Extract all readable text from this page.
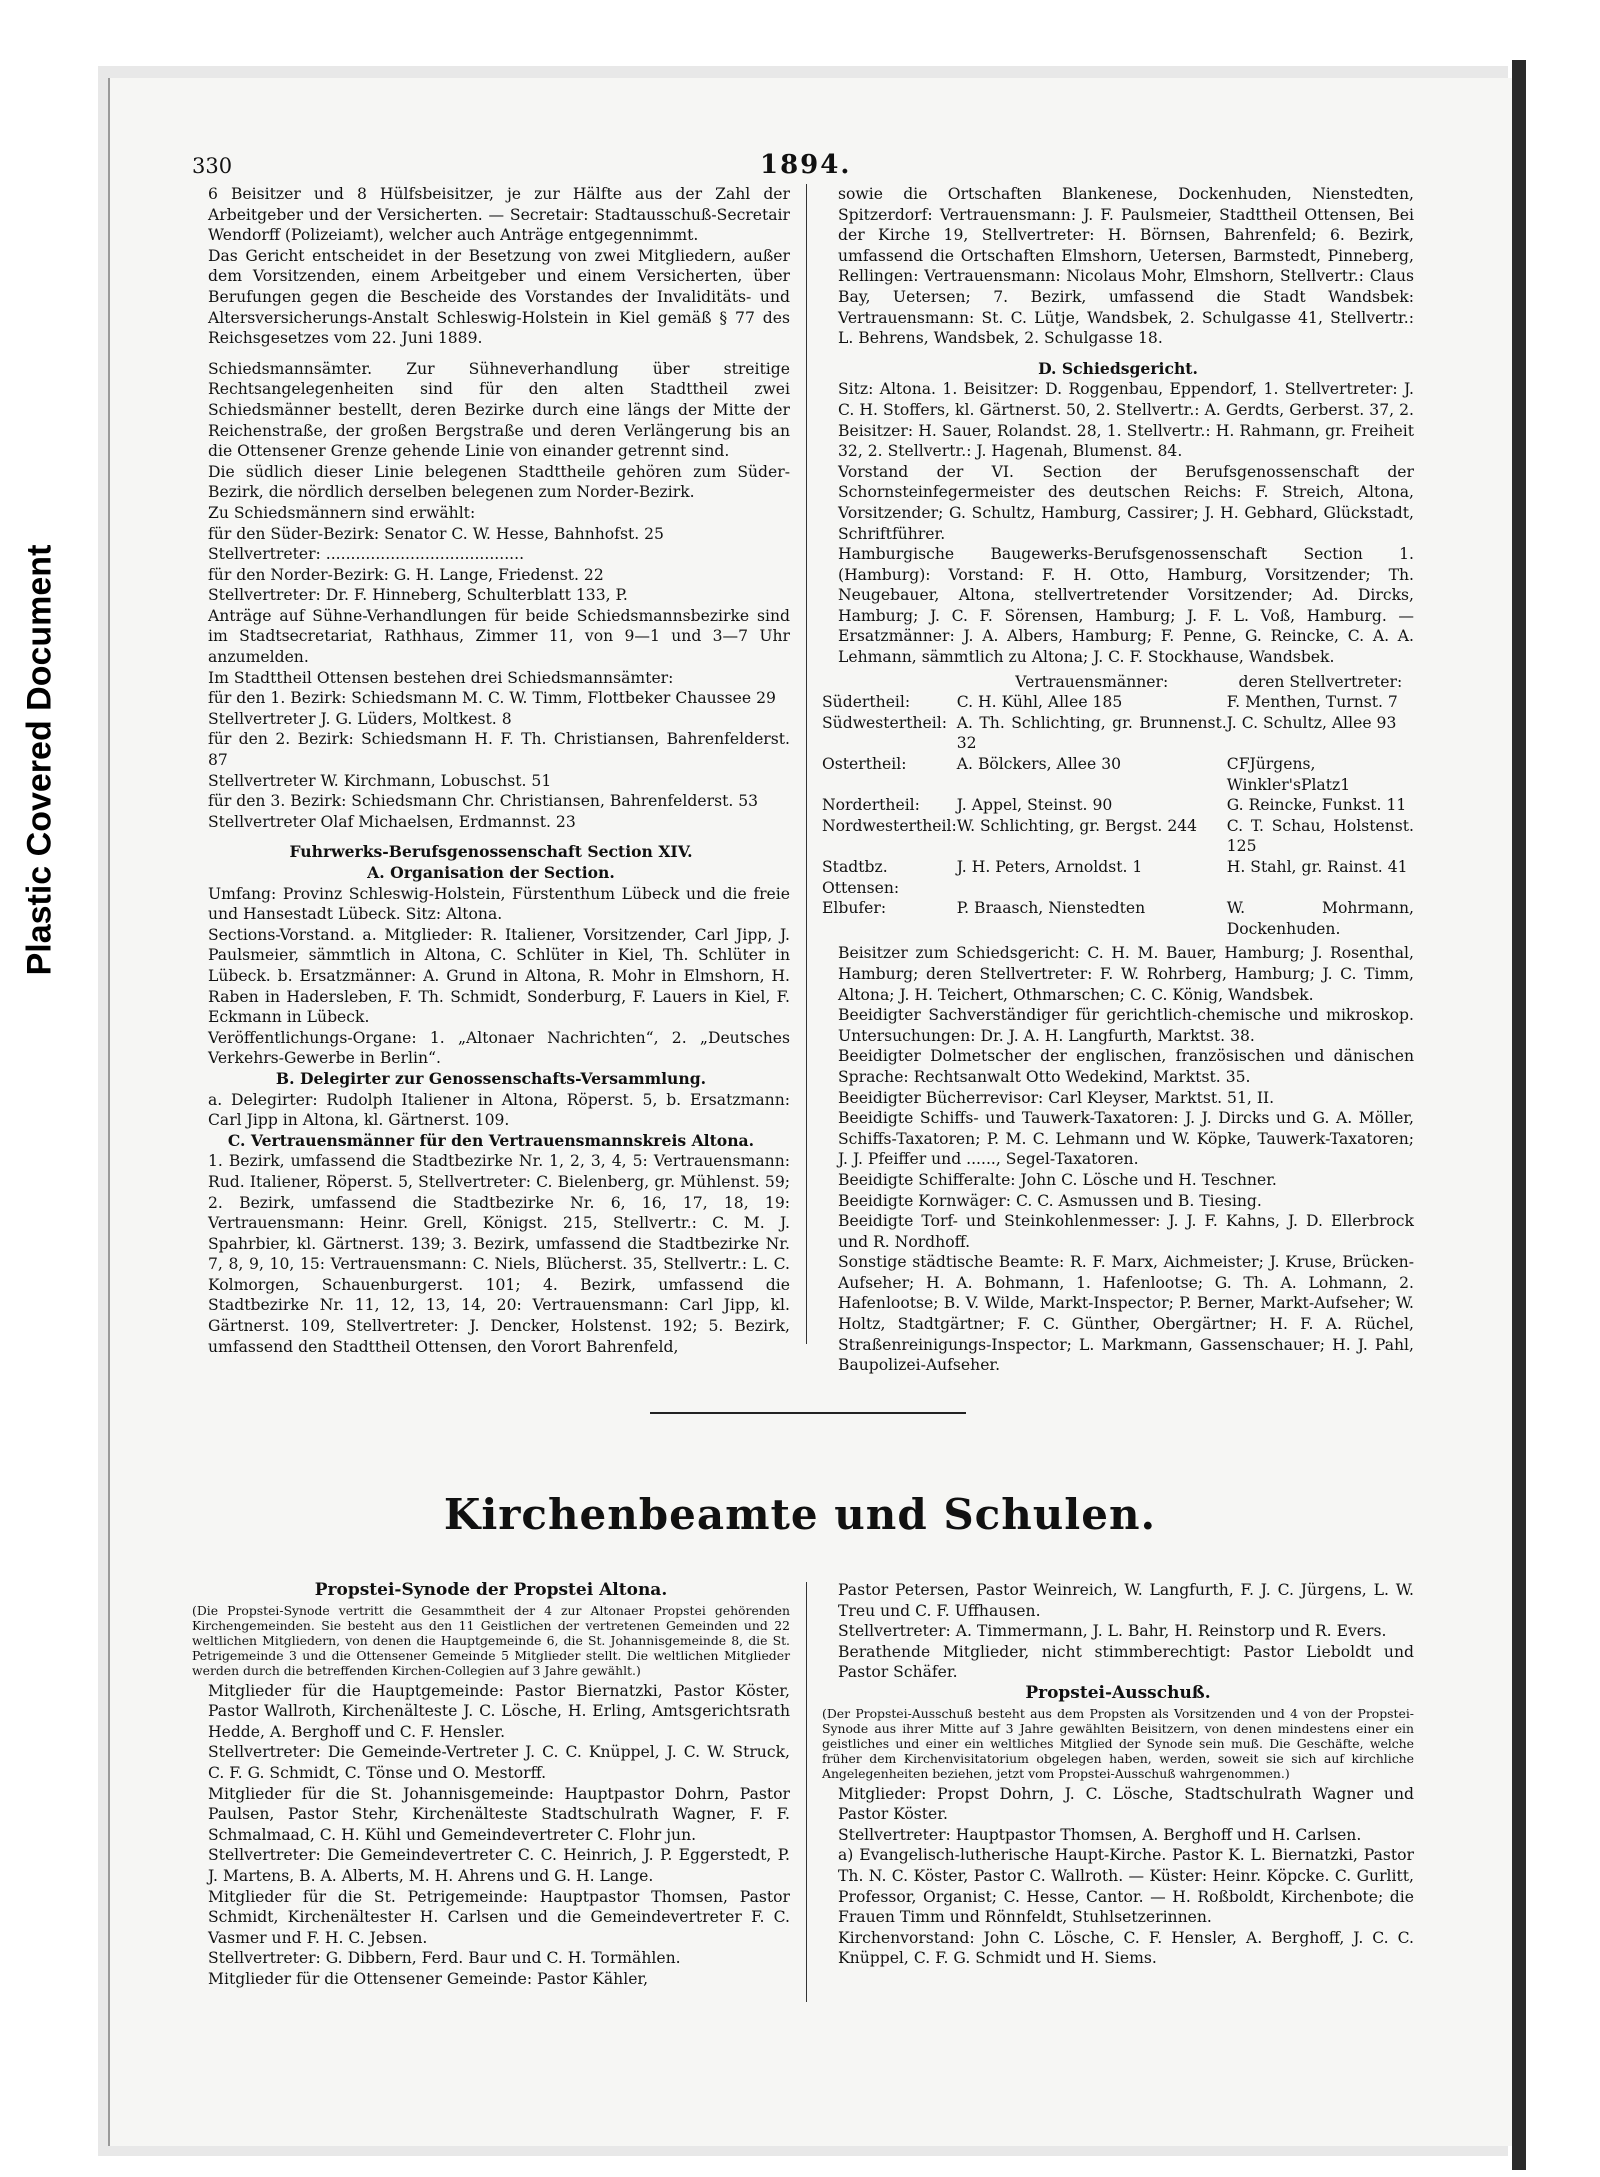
Plastic Covered Document
330	1894.

6 Beisitzer und 8 Hülfsbeisitzer, je zur Hälfte aus der Zahl der Arbeitgeber und der Versicherten. — Secretair: Stadtausschuß-Secretair Wendorff (Polizeiamt), welcher auch Anträge entgegennimmt.

Das Gericht entscheidet in der Besetzung von zwei Mitgliedern, außer dem Vorsitzenden, einem Arbeitgeber und einem Versicherten, über Berufungen gegen die Bescheide des Vorstandes der Invaliditäts- und Altersversicherungs-Anstalt Schleswig-Holstein in Kiel gemäß § 77 des Reichsgesetzes vom 22. Juni 1889.

Schiedsmannsämter. Zur Sühneverhandlung über streitige Rechtsangelegenheiten sind für den alten Stadttheil zwei Schiedsmänner bestellt, deren Bezirke durch eine längs der Mitte der Reichenstraße, der großen Bergstraße und deren Verlängerung bis an die Ottensener Grenze gehende Linie von einander getrennt sind.

Die südlich dieser Linie belegenen Stadttheile gehören zum Süder-Bezirk, die nördlich derselben belegenen zum Norder-Bezirk.

Zu Schiedsmännern sind erwählt:

für den Süder-Bezirk: Senator C. W. Hesse, Bahnhofst. 25

Stellvertreter: ........................................

für den Norder-Bezirk: G. H. Lange, Friedenst. 22

Stellvertreter: Dr. F. Hinneberg, Schulterblatt 133, P.

Anträge auf Sühne-Verhandlungen für beide Schiedsmannsbezirke sind im Stadtsecretariat, Rathhaus, Zimmer 11, von 9—1 und 3—7 Uhr anzumelden.

Im Stadttheil Ottensen bestehen drei Schiedsmannsämter:

für den 1. Bezirk: Schiedsmann M. C. W. Timm, Flottbeker Chaussee 29

Stellvertreter J. G. Lüders, Moltkest. 8

für den 2. Bezirk: Schiedsmann H. F. Th. Christiansen, Bahrenfelderst. 87

Stellvertreter W. Kirchmann, Lobuschst. 51

für den 3. Bezirk: Schiedsmann Chr. Christiansen, Bahrenfelderst. 53

Stellvertreter Olaf Michaelsen, Erdmannst. 23

Fuhrwerks-Berufsgenossenschaft Section XIV.

A. Organisation der Section.

Umfang: Provinz Schleswig-Holstein, Fürstenthum Lübeck und die freie und Hansestadt Lübeck. Sitz: Altona.

Sections-Vorstand. a. Mitglieder: R. Italiener, Vorsitzender, Carl Jipp, J. Paulsmeier, sämmtlich in Altona, C. Schlüter in Kiel, Th. Schlüter in Lübeck. b. Ersatzmänner: A. Grund in Altona, R. Mohr in Elmshorn, H. Raben in Hadersleben, F. Th. Schmidt, Sonderburg, F. Lauers in Kiel, F. Eckmann in Lübeck.

Veröffentlichungs-Organe: 1. „Altonaer Nachrichten“, 2. „Deutsches Verkehrs-Gewerbe in Berlin“.

B. Delegirter zur Genossenschafts-Versammlung.

a. Delegirter: Rudolph Italiener in Altona, Röperst. 5, b. Ersatzmann: Carl Jipp in Altona, kl. Gärtnerst. 109.

C. Vertrauensmänner für den Vertrauensmannskreis Altona.

1. Bezirk, umfassend die Stadtbezirke Nr. 1, 2, 3, 4, 5: Vertrauensmann: Rud. Italiener, Röperst. 5, Stellvertreter: C. Bielenberg, gr. Mühlenst. 59; 2. Bezirk, umfassend die Stadtbezirke Nr. 6, 16, 17, 18, 19: Vertrauensmann: Heinr. Grell, Königst. 215, Stellvertr.: C. M. J. Spahrbier, kl. Gärtnerst. 139; 3. Bezirk, umfassend die Stadtbezirke Nr. 7, 8, 9, 10, 15: Vertrauensmann: C. Niels, Blücherst. 35, Stellvertr.: L. C. Kolmorgen, Schauenburgerst. 101; 4. Bezirk, umfassend die Stadtbezirke Nr. 11, 12, 13, 14, 20: Vertrauensmann: Carl Jipp, kl. Gärtnerst. 109, Stellvertreter: J. Dencker, Holstenst. 192; 5. Bezirk, umfassend den Stadttheil Ottensen, den Vorort Bahrenfeld,

sowie die Ortschaften Blankenese, Dockenhuden, Nienstedten, Spitzerdorf: Vertrauensmann: J. F. Paulsmeier, Stadttheil Ottensen, Bei der Kirche 19, Stellvertreter: H. Börnsen, Bahrenfeld; 6. Bezirk, umfassend die Ortschaften Elmshorn, Uetersen, Barmstedt, Pinneberg, Rellingen: Vertrauensmann: Nicolaus Mohr, Elmshorn, Stellvertr.: Claus Bay, Uetersen; 7. Bezirk, umfassend die Stadt Wandsbek: Vertrauensmann: St. C. Lütje, Wandsbek, 2. Schulgasse 41, Stellvertr.: L. Behrens, Wandsbek, 2. Schulgasse 18.

D. Schiedsgericht.

Sitz: Altona. 1. Beisitzer: D. Roggenbau, Eppendorf, 1. Stellvertreter: J. C. H. Stoffers, kl. Gärtnerst. 50, 2. Stellvertr.: A. Gerdts, Gerberst. 37, 2. Beisitzer: H. Sauer, Rolandst. 28, 1. Stellvertr.: H. Rahmann, gr. Freiheit 32, 2. Stellvertr.: J. Hagenah, Blumenst. 84.

Vorstand der VI. Section der Berufsgenossenschaft der Schornsteinfegermeister des deutschen Reichs: F. Streich, Altona, Vorsitzender; G. Schultz, Hamburg, Cassirer; J. H. Gebhard, Glückstadt, Schriftführer.

Hamburgische Baugewerks-Berufsgenossenschaft Section 1. (Hamburg): Vorstand: F. H. Otto, Hamburg, Vorsitzender; Th. Neugebauer, Altona, stellvertretender Vorsitzender; Ad. Dircks, Hamburg; J. C. F. Sörensen, Hamburg; J. F. L. Voß, Hamburg. — Ersatzmänner: J. A. Albers, Hamburg; F. Penne, G. Reincke, C. A. A. Lehmann, sämmtlich zu Altona; J. C. F. Stockhause, Wandsbek.

	Vertrauensmänner:	deren Stellvertreter:
Südertheil:	C. H. Kühl, Allee 185	F. Menthen, Turnst. 7
Südwestertheil:	A. Th. Schlichting, gr. Brunnenst. 32	J. C. Schultz, Allee 93
Ostertheil:	A. Bölckers, Allee 30	CFJürgens, Winkler'sPlatz1
Nordertheil:	J. Appel, Steinst. 90	G. Reincke, Funkst. 11
Nordwestertheil:	W. Schlichting, gr. Bergst. 244	C. T. Schau, Holstenst. 125
Stadtbz. Ottensen:	J. H. Peters, Arnoldst. 1	H. Stahl, gr. Rainst. 41
Elbufer:	P. Braasch, Nienstedten	W. Mohrmann, Dockenhuden.

Beisitzer zum Schiedsgericht: C. H. M. Bauer, Hamburg; J. Rosenthal, Hamburg; deren Stellvertreter: F. W. Rohrberg, Hamburg; J. C. Timm, Altona; J. H. Teichert, Othmarschen; C. C. König, Wandsbek.

Beeidigter Sachverständiger für gerichtlich-chemische und mikroskop. Untersuchungen: Dr. J. A. H. Langfurth, Marktst. 38.

Beeidigter Dolmetscher der englischen, französischen und dänischen Sprache: Rechtsanwalt Otto Wedekind, Marktst. 35.

Beeidigter Bücherrevisor: Carl Kleyser, Marktst. 51, II.

Beeidigte Schiffs- und Tauwerk-Taxatoren: J. J. Dircks und G. A. Möller, Schiffs-Taxatoren; P. M. C. Lehmann und W. Köpke, Tauwerk-Taxatoren; J. J. Pfeiffer und ......, Segel-Taxatoren.

Beeidigte Schifferalte: John C. Lösche und H. Teschner.

Beeidigte Kornwäger: C. C. Asmussen und B. Tiesing.

Beeidigte Torf- und Steinkohlenmesser: J. J. F. Kahns, J. D. Ellerbrock und R. Nordhoff.

Sonstige städtische Beamte: R. F. Marx, Aichmeister; J. Kruse, Brücken-Aufseher; H. A. Bohmann, 1. Hafenlootse; G. Th. A. Lohmann, 2. Hafenlootse; B. V. Wilde, Markt-Inspector; P. Berner, Markt-Aufseher; W. Holtz, Stadtgärtner; F. C. Günther, Obergärtner; H. F. A. Rüchel, Straßenreinigungs-Inspector; L. Markmann, Gassenschauer; H. J. Pahl, Baupolizei-Aufseher.

Kirchenbeamte und Schulen.

Propstei-Synode der Propstei Altona.

(Die Propstei-Synode vertritt die Gesammtheit der 4 zur Altonaer Propstei gehörenden Kirchengemeinden. Sie besteht aus den 11 Geistlichen der vertretenen Gemeinden und 22 weltlichen Mitgliedern, von denen die Hauptgemeinde 6, die St. Johannisgemeinde 8, die St. Petrigemeinde 3 und die Ottensener Gemeinde 5 Mitglieder stellt. Die weltlichen Mitglieder werden durch die betreffenden Kirchen-Collegien auf 3 Jahre gewählt.)

Mitglieder für die Hauptgemeinde: Pastor Biernatzki, Pastor Köster, Pastor Wallroth, Kirchenälteste J. C. Lösche, H. Erling, Amtsgerichtsrath Hedde, A. Berghoff und C. F. Hensler.

Stellvertreter: Die Gemeinde-Vertreter J. C. C. Knüppel, J. C. W. Struck, C. F. G. Schmidt, C. Tönse und O. Mestorff.

Mitglieder für die St. Johannisgemeinde: Hauptpastor Dohrn, Pastor Paulsen, Pastor Stehr, Kirchenälteste Stadtschulrath Wagner, F. F. Schmalmaad, C. H. Kühl und Gemeindevertreter C. Flohr jun.

Stellvertreter: Die Gemeindevertreter C. C. Heinrich, J. P. Eggerstedt, P. J. Martens, B. A. Alberts, M. H. Ahrens und G. H. Lange.

Mitglieder für die St. Petrigemeinde: Hauptpastor Thomsen, Pastor Schmidt, Kirchenältester H. Carlsen und die Gemeindevertreter F. C. Vasmer und F. H. C. Jebsen.

Stellvertreter: G. Dibbern, Ferd. Baur und C. H. Tormählen.

Mitglieder für die Ottensener Gemeinde: Pastor Kähler,

Pastor Petersen, Pastor Weinreich, W. Langfurth, F. J. C. Jürgens, L. W. Treu und C. F. Uffhausen.

Stellvertreter: A. Timmermann, J. L. Bahr, H. Reinstorp und R. Evers.

Berathende Mitglieder, nicht stimmberechtigt: Pastor Lieboldt und Pastor Schäfer.

Propstei-Ausschuß.

(Der Propstei-Ausschuß besteht aus dem Propsten als Vorsitzenden und 4 von der Propstei-Synode aus ihrer Mitte auf 3 Jahre gewählten Beisitzern, von denen mindestens einer ein geistliches und einer ein weltliches Mitglied der Synode sein muß. Die Geschäfte, welche früher dem Kirchenvisitatorium obgelegen haben, werden, soweit sie sich auf kirchliche Angelegenheiten beziehen, jetzt vom Propstei-Ausschuß wahrgenommen.)

Mitglieder: Propst Dohrn, J. C. Lösche, Stadtschulrath Wagner und Pastor Köster.

Stellvertreter: Hauptpastor Thomsen, A. Berghoff und H. Carlsen.

a) Evangelisch-lutherische Haupt-Kirche. Pastor K. L. Biernatzki, Pastor Th. N. C. Köster, Pastor C. Wallroth. — Küster: Heinr. Köpcke. C. Gurlitt, Professor, Organist; C. Hesse, Cantor. — H. Roßboldt, Kirchenbote; die Frauen Timm und Rönnfeldt, Stuhlsetzerinnen.

Kirchenvorstand: John C. Lösche, C. F. Hensler, A. Berghoff, J. C. C. Knüppel, C. F. G. Schmidt und H. Siems.
